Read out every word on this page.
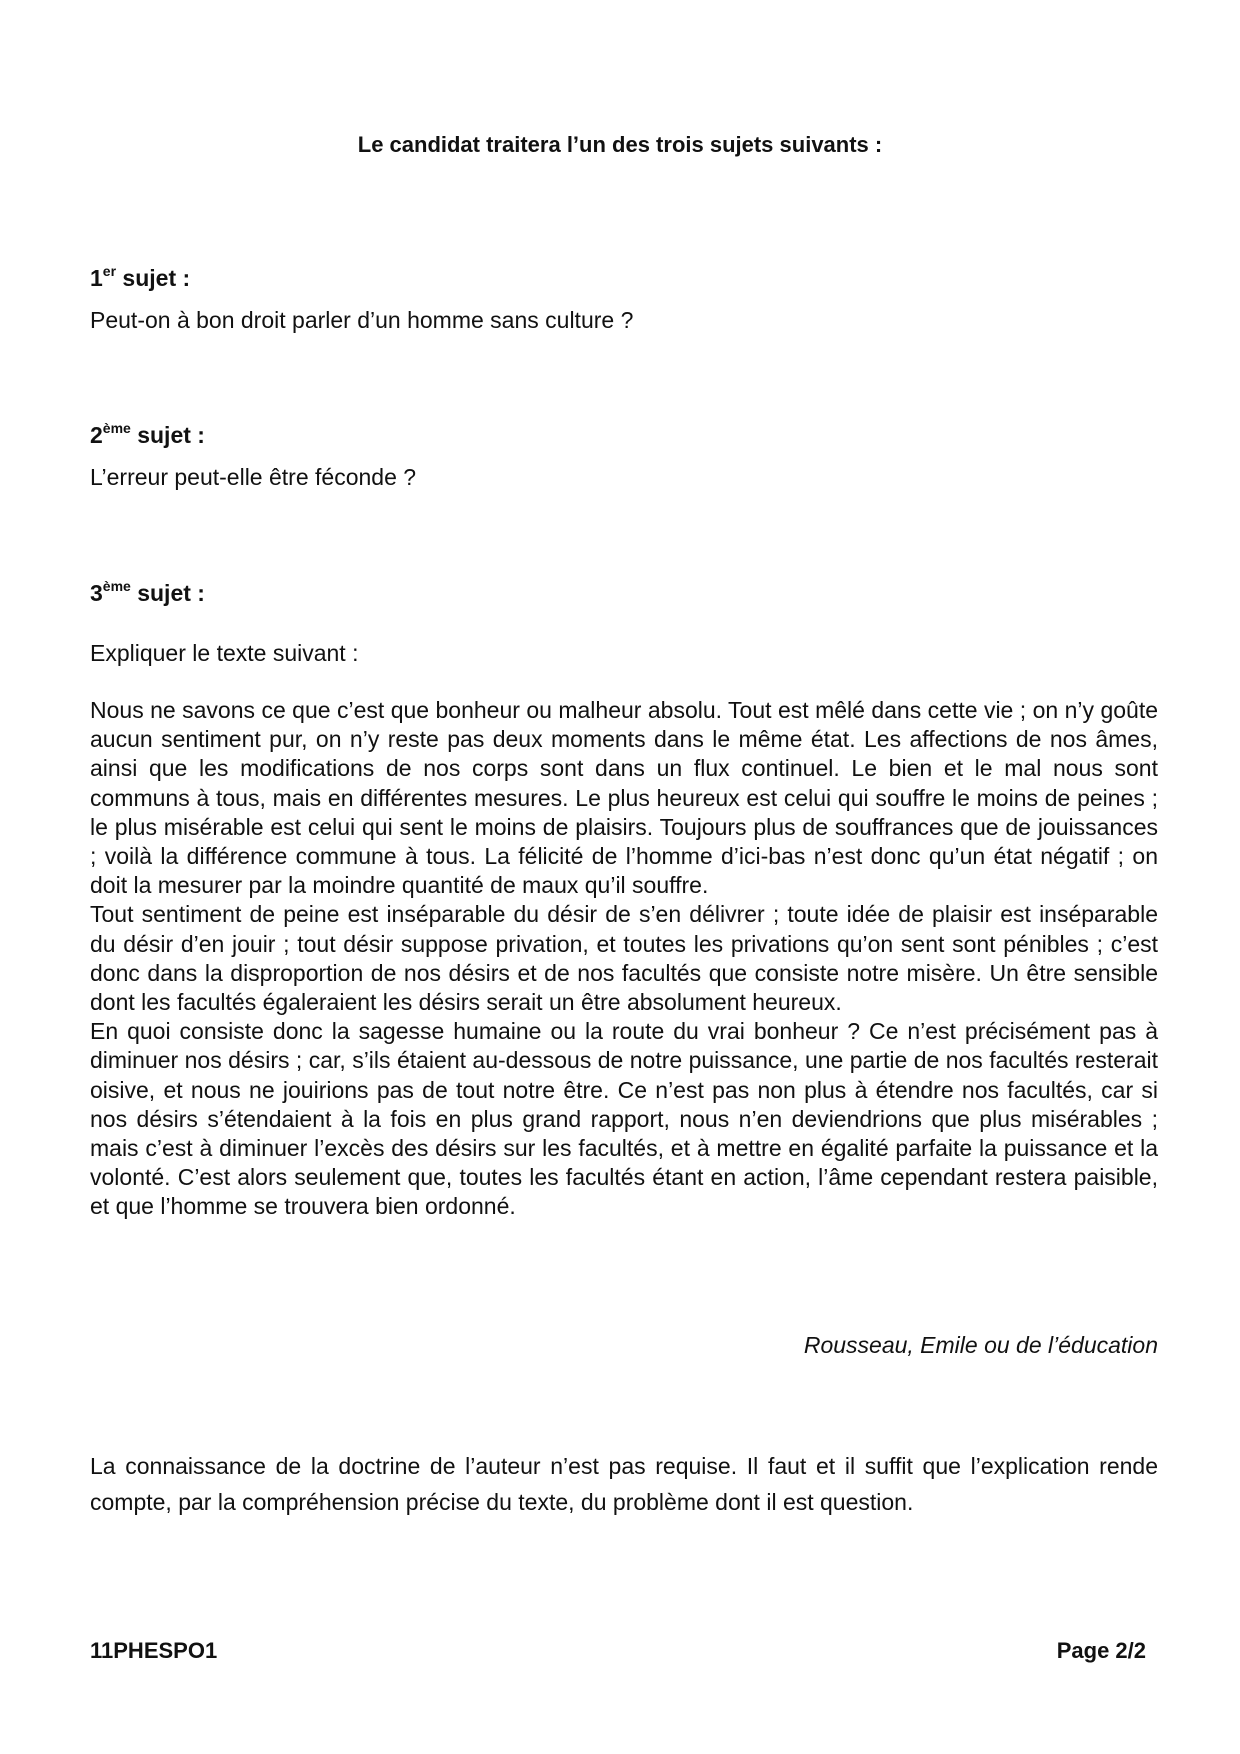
Le candidat traitera l’un des trois sujets suivants :
1er sujet :
Peut-on à bon droit parler d’un homme sans culture ?
2ème sujet :
L’erreur peut-elle être féconde ?
3ème sujet :
Expliquer le texte suivant :

Nous ne savons ce que c’est que bonheur ou malheur absolu. Tout est mêlé dans cette vie ; on n’y goûte aucun sentiment pur, on n’y reste pas deux moments dans le même état. Les affections de nos âmes, ainsi que les modifications de nos corps sont dans un flux continuel. Le bien et le mal nous sont communs à tous, mais en différentes mesures. Le plus heureux est celui qui souffre le moins de peines ; le plus misérable est celui qui sent le moins de plaisirs. Toujours plus de souffrances que de jouissances ; voilà la différence commune à tous. La félicité de l’homme d’ici-bas n’est donc qu’un état négatif ; on doit la mesurer par la moindre quantité de maux qu’il souffre.

Tout sentiment de peine est inséparable du désir de s’en délivrer ; toute idée de plaisir est inséparable du désir d’en jouir ; tout désir suppose privation, et toutes les privations qu’on sent sont pénibles ; c’est donc dans la disproportion de nos désirs et de nos facultés que consiste notre misère. Un être sensible dont les facultés égaleraient les désirs serait un être absolument heureux.

En quoi consiste donc la sagesse humaine ou la route du vrai bonheur ? Ce n’est précisément pas à diminuer nos désirs ; car, s’ils étaient au-dessous de notre puissance, une partie de nos facultés resterait oisive, et nous ne jouirions pas de tout notre être. Ce n’est pas non plus à étendre nos facultés, car si nos désirs s’étendaient à la fois en plus grand rapport, nous n’en deviendrions que plus misérables ; mais c’est à diminuer l’excès des désirs sur les facultés, et à mettre en égalité parfaite la puissance et la volonté. C’est alors seulement que, toutes les facultés étant en action, l’âme cependant restera paisible, et que l’homme se trouvera bien ordonné.

Rousseau, Emile ou de l’éducation
La connaissance de la doctrine de l’auteur n’est pas requise. Il faut et il suffit que l’explication rende compte, par la compréhension précise du texte, du problème dont il est question.
11PHESPO1	Page 2/2
